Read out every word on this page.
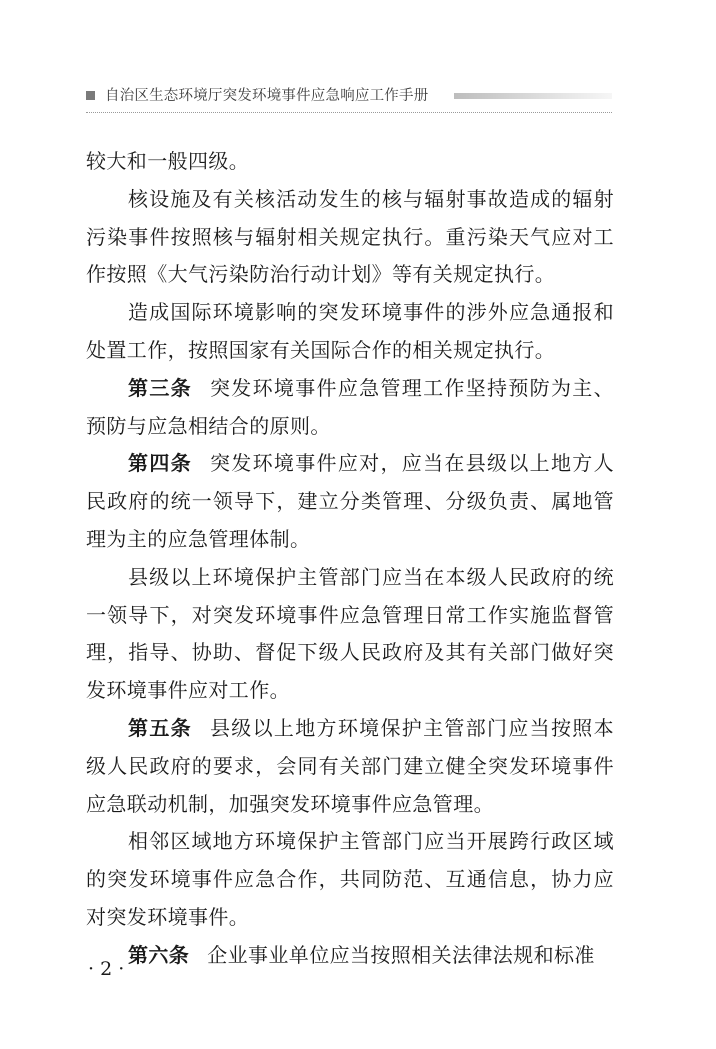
自治区生态环境厅突发环境事件应急响应工作手册

较大和一般四级。

核设施及有关核活动发生的核与辐射事故造成的辐射污染事件按照核与辐射相关规定执行。重污染天气应对工作按照《大气污染防治行动计划》等有关规定执行。

造成国际环境影响的突发环境事件的涉外应急通报和处置工作，按照国家有关国际合作的相关规定执行。

第三条 突发环境事件应急管理工作坚持预防为主、预防与应急相结合的原则。

第四条 突发环境事件应对，应当在县级以上地方人民政府的统一领导下，建立分类管理、分级负责、属地管理为主的应急管理体制。

县级以上环境保护主管部门应当在本级人民政府的统一领导下，对突发环境事件应急管理日常工作实施监督管理，指导、协助、督促下级人民政府及其有关部门做好突发环境事件应对工作。

第五条 县级以上地方环境保护主管部门应当按照本级人民政府的要求，会同有关部门建立健全突发环境事件应急联动机制，加强突发环境事件应急管理。

相邻区域地方环境保护主管部门应当开展跨行政区域的突发环境事件应急合作，共同防范、互通信息，协力应对突发环境事件。

第六条 企业事业单位应当按照相关法律法规和标准

· 2 ·
